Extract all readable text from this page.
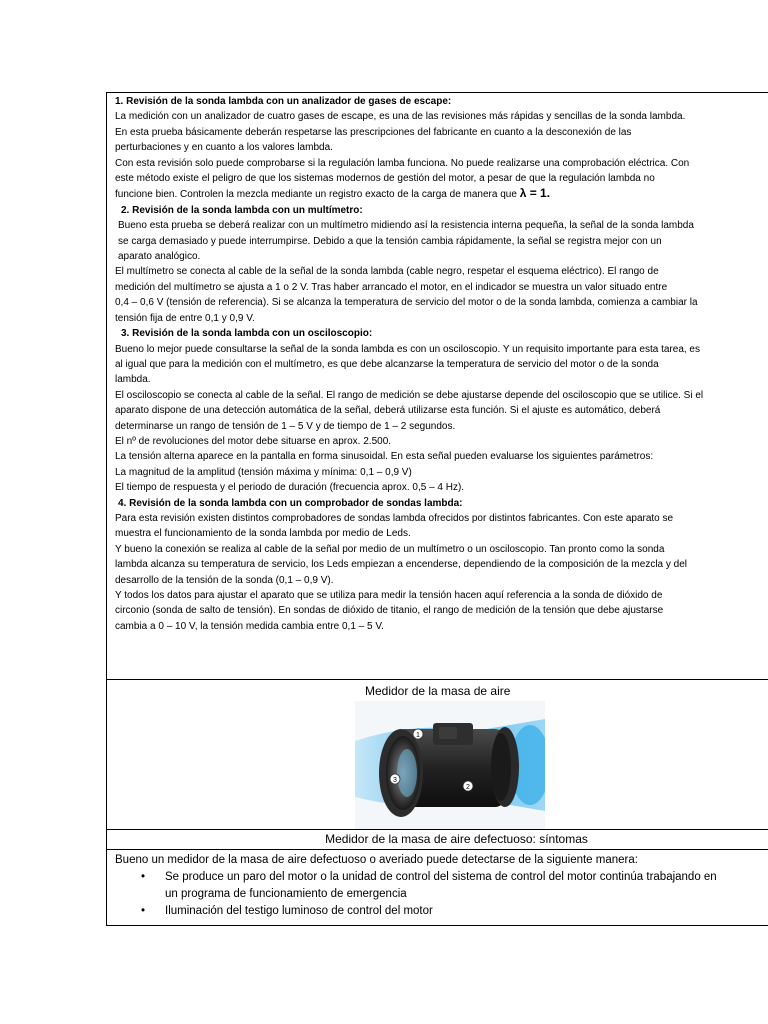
1. Revisión de la sonda lambda con un analizador de gases de escape:

La medición con un analizador de cuatro gases de escape, es una de las revisiones más rápidas y sencillas de la sonda lambda.

En esta prueba básicamente deberán respetarse las prescripciones del fabricante en cuanto a la desconexión de las

perturbaciones y en cuanto a los valores lambda.

Con esta revisión solo puede comprobarse si la regulación lamba funciona. No puede realizarse una comprobación eléctrica. Con

este método existe el peligro de que los sistemas modernos de gestión del motor, a pesar de que la regulación lambda no

funcione bien. Controlen la mezcla mediante un registro exacto de la carga de manera que λ = 1.

2. Revisión de la sonda lambda con un multímetro:

Bueno esta prueba se deberá realizar con un multímetro midiendo así la resistencia interna pequeña, la señal de la sonda lambda

se carga demasiado y puede interrumpirse. Debido a que la tensión cambia rápidamente, la señal se registra mejor con un

aparato analógico.

El multímetro se conecta al cable de la señal de la sonda lambda (cable negro, respetar el esquema eléctrico). El rango de

medición del multímetro se ajusta a 1 o 2 V. Tras haber arrancado el motor, en el indicador se muestra un valor situado entre

0,4 – 0,6 V (tensión de referencia). Si se alcanza la temperatura de servicio del motor o de la sonda lambda, comienza a cambiar la

tensión fija de entre 0,1 y 0,9 V.

3. Revisión de la sonda lambda con un osciloscopio:

Bueno lo mejor puede consultarse la señal de la sonda lambda es con un osciloscopio. Y un requisito importante para esta tarea, es

al igual que para la medición con el multímetro, es que debe alcanzarse la temperatura de servicio del motor o de la sonda

lambda.

El osciloscopio se conecta al cable de la señal. El rango de medición se debe ajustarse depende del osciloscopio que se utilice. Si el

aparato dispone de una detección automática de la señal, deberá utilizarse esta función. Si el ajuste es automático, deberá

determinarse un rango de tensión de 1 – 5 V y de tiempo de 1 – 2 segundos.

El nº de revoluciones del motor debe situarse en aprox. 2.500.

La tensión alterna aparece en la pantalla en forma sinusoidal. En esta señal pueden evaluarse los siguientes parámetros:

La magnitud de la amplitud (tensión máxima y mínima: 0,1 – 0,9 V)

El tiempo de respuesta y el periodo de duración (frecuencia aprox. 0,5 – 4 Hz).

4. Revisión de la sonda lambda con un comprobador de sondas lambda:

Para esta revisión existen distintos comprobadores de sondas lambda ofrecidos por distintos fabricantes. Con este aparato se

muestra el funcionamiento de la sonda lambda por medio de Leds.

Y bueno la conexión se realiza al cable de la señal por medio de un multímetro o un osciloscopio. Tan pronto como la sonda

lambda alcanza su temperatura de servicio, los Leds empiezan a encenderse, dependiendo de la composición de la mezcla y del

desarrollo de la tensión de la sonda (0,1 – 0,9 V).

Y todos los datos para ajustar el aparato que se utiliza para medir la tensión hacen aquí referencia a la sonda de dióxido de

circonio (sonda de salto de tensión). En sondas de dióxido de titanio, el rango de medición de la tensión que debe ajustarse

cambia a 0 – 10 V, la tensión medida cambia entre 0,1 – 5 V.

Medidor de la masa de aire
1
2
3
Medidor de la masa de aire defectuoso: síntomas
Bueno un medidor de la masa de aire defectuoso o averiado puede detectarse de la siguiente manera:
• Se produce un paro del motor o la unidad de control del sistema de control del motor continúa trabajando en
un programa de funcionamiento de emergencia
• Iluminación del testigo luminoso de control del motor
